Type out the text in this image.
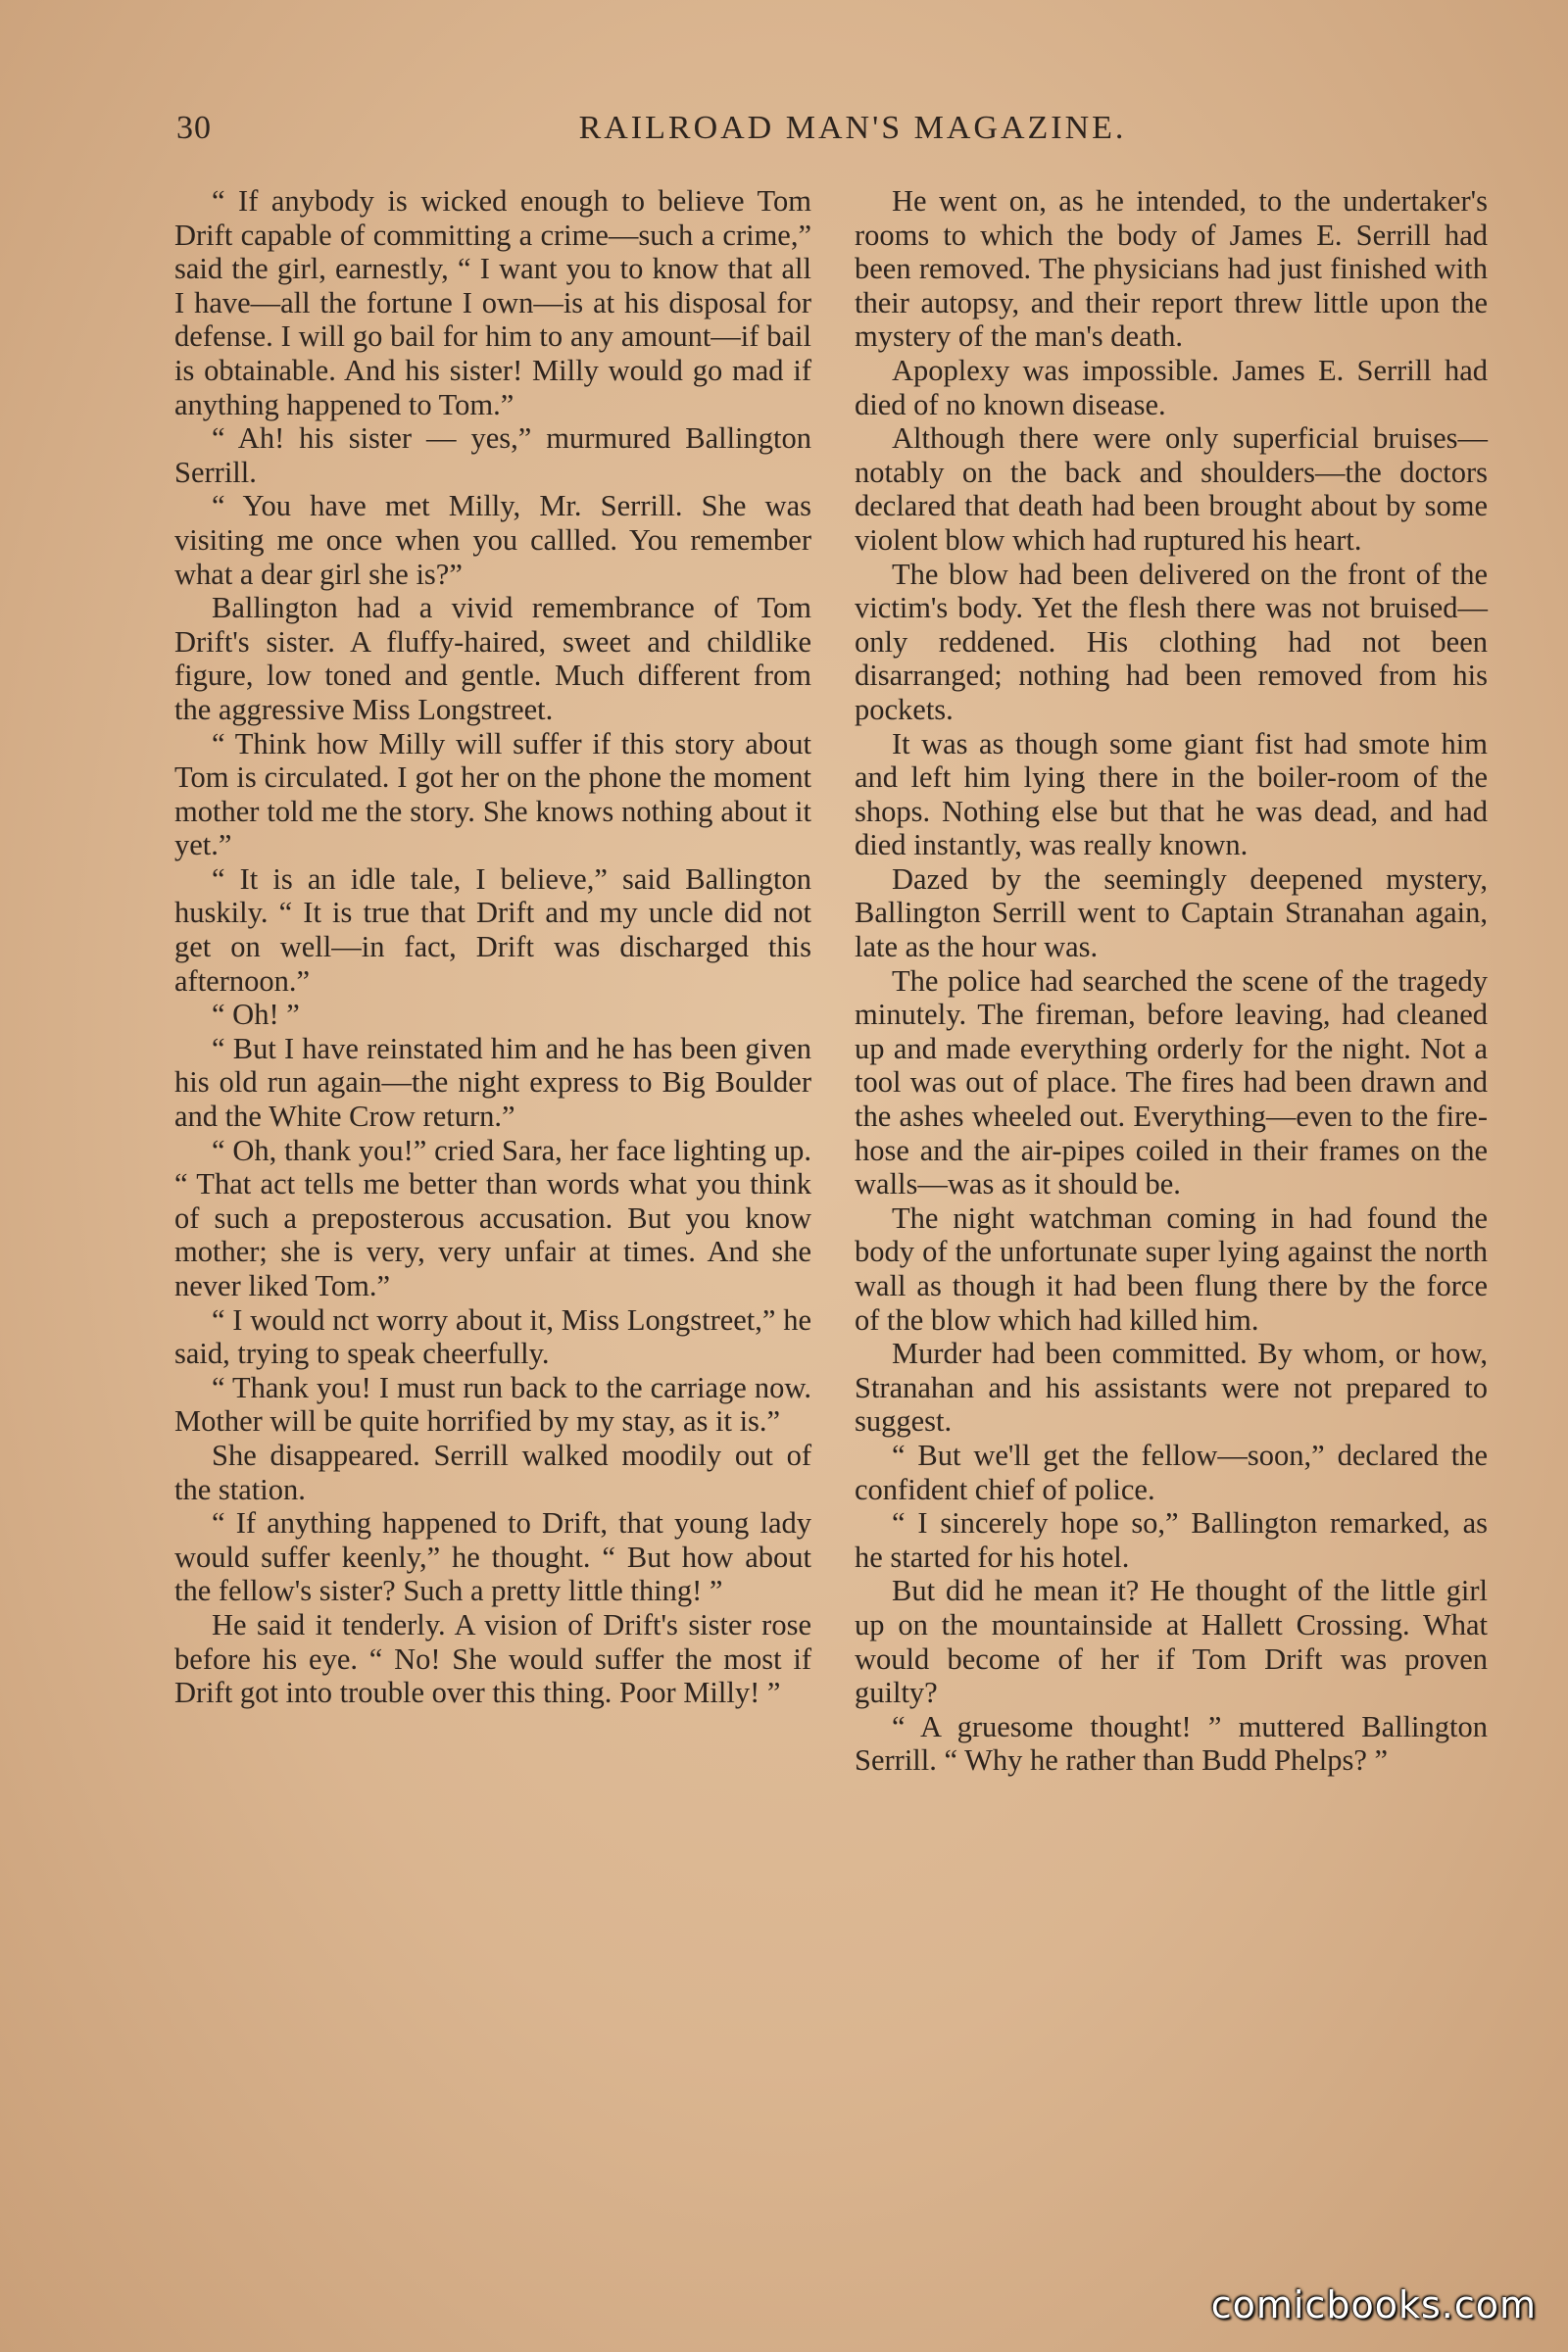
30	RAILROAD MAN'S MAGAZINE.

“ If anybody is wicked enough to believe Tom Drift capable of committing a crime—such a crime,” said the girl, earnestly, “ I want you to know that all I have—all the fortune I own—is at his disposal for defense. I will go bail for him to any amount—if bail is obtainable. And his sister! Milly would go mad if anything happened to Tom.”

“ Ah! his sister — yes,” murmured Ballington Serrill.

“ You have met Milly, Mr. Serrill. She was visiting me once when you callled. You remember what a dear girl she is?”

Ballington had a vivid remembrance of Tom Drift's sister. A fluffy-haired, sweet and childlike figure, low toned and gentle. Much different from the aggressive Miss Longstreet.

“ Think how Milly will suffer if this story about Tom is circulated. I got her on the phone the moment mother told me the story. She knows nothing about it yet.”

“ It is an idle tale, I believe,” said Ballington huskily. “ It is true that Drift and my uncle did not get on well—in fact, Drift was discharged this afternoon.”

“ Oh! ”

“ But I have reinstated him and he has been given his old run again—the night express to Big Boulder and the White Crow return.”

“ Oh, thank you!” cried Sara, her face lighting up. “ That act tells me better than words what you think of such a preposterous accusation. But you know mother; she is very, very unfair at times. And she never liked Tom.”

“ I would nct worry about it, Miss Longstreet,” he said, trying to speak cheerfully.

“ Thank you! I must run back to the carriage now. Mother will be quite horrified by my stay, as it is.”

She disappeared. Serrill walked moodily out of the station.

“ If anything happened to Drift, that young lady would suffer keenly,” he thought. “ But how about the fellow's sister? Such a pretty little thing! ”

He said it tenderly. A vision of Drift's sister rose before his eye. “ No! She would suffer the most if Drift got into trouble over this thing. Poor Milly! ”

He went on, as he intended, to the undertaker's rooms to which the body of James E. Serrill had been removed. The physicians had just finished with their autopsy, and their report threw little upon the mystery of the man's death.

Apoplexy was impossible. James E. Serrill had died of no known disease.

Although there were only superficial bruises—notably on the back and shoulders—the doctors declared that death had been brought about by some violent blow which had ruptured his heart.

The blow had been delivered on the front of the victim's body. Yet the flesh there was not bruised—only reddened. His clothing had not been disarranged; nothing had been removed from his pockets.

It was as though some giant fist had smote him and left him lying there in the boiler-room of the shops. Nothing else but that he was dead, and had died instantly, was really known.

Dazed by the seemingly deepened mystery, Ballington Serrill went to Captain Stranahan again, late as the hour was.

The police had searched the scene of the tragedy minutely. The fireman, before leaving, had cleaned up and made everything orderly for the night. Not a tool was out of place. The fires had been drawn and the ashes wheeled out. Everything—even to the fire-hose and the air-pipes coiled in their frames on the walls—was as it should be.

The night watchman coming in had found the body of the unfortunate super lying against the north wall as though it had been flung there by the force of the blow which had killed him.

Murder had been committed. By whom, or how, Stranahan and his assistants were not prepared to suggest.

“ But we'll get the fellow—soon,” declared the confident chief of police.

“ I sincerely hope so,” Ballington remarked, as he started for his hotel.

But did he mean it? He thought of the little girl up on the mountainside at Hallett Crossing. What would become of her if Tom Drift was proven guilty?

“ A gruesome thought! ” muttered Ballington Serrill. “ Why he rather than Budd Phelps? ”

comicbooks.com
